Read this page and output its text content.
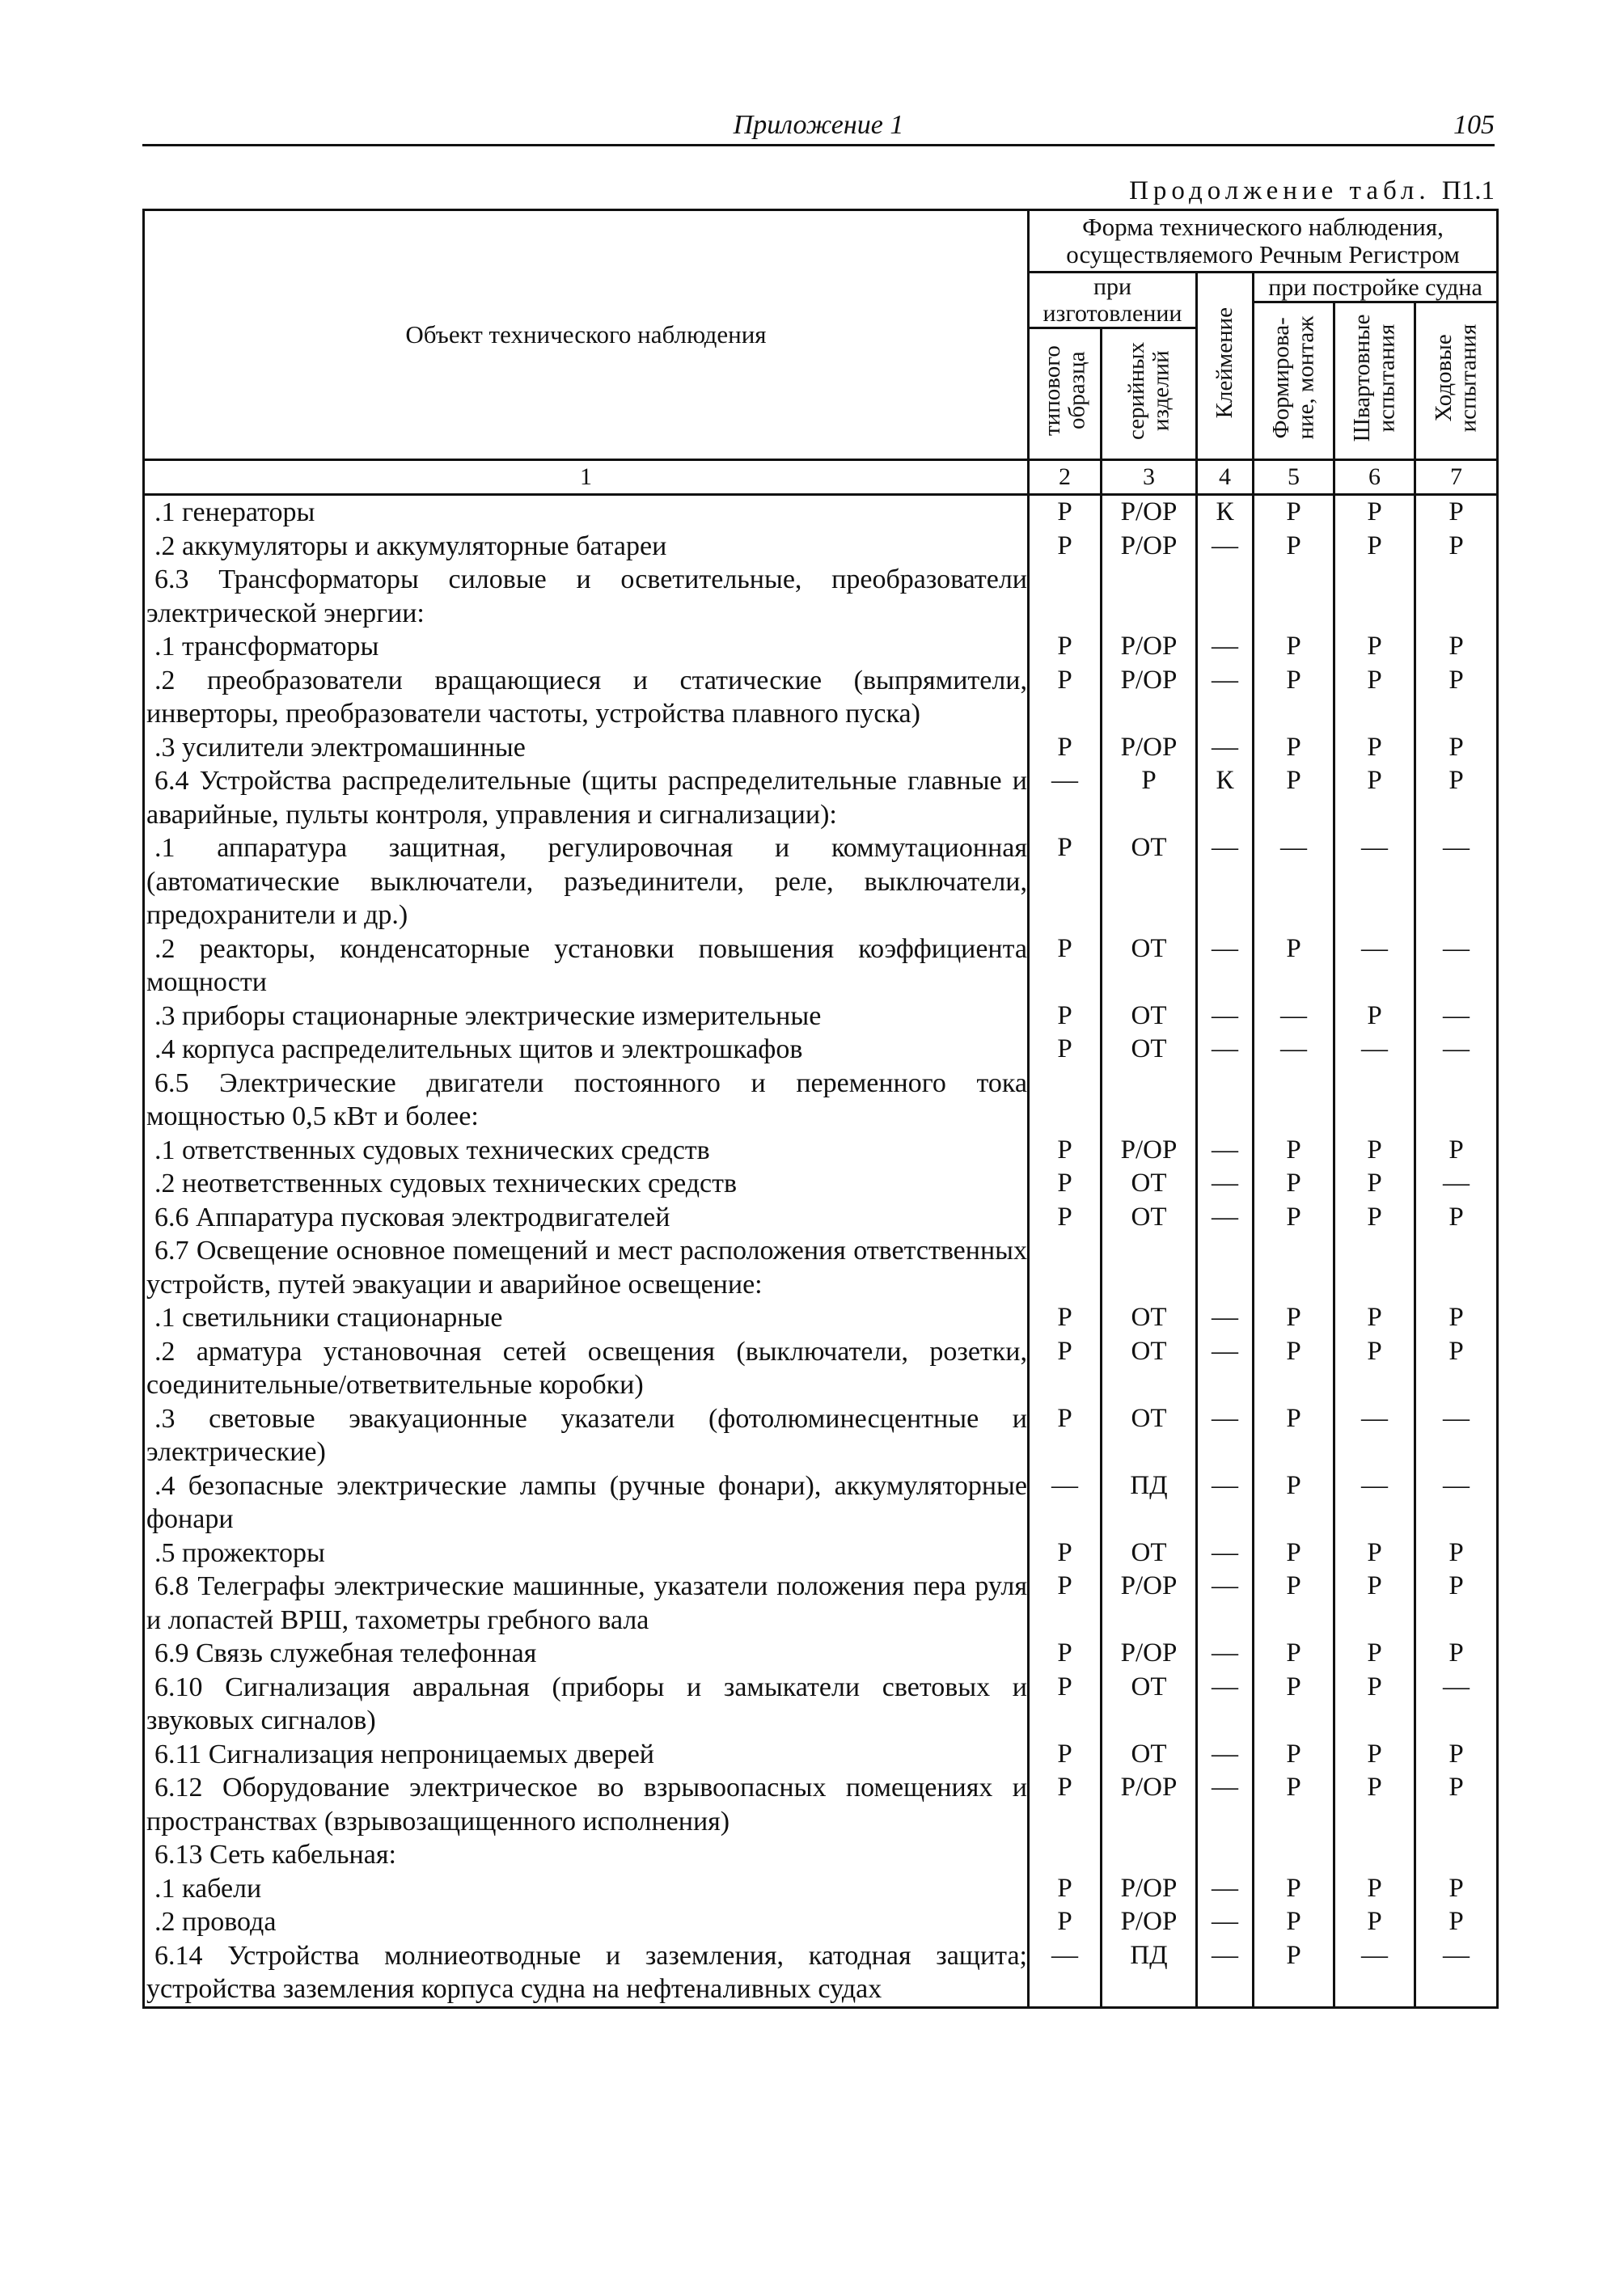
Приложение 1	105
Продолжение табл. П1.1
Объект технического наблюдения	Форма технического наблюдения, осуществляемого Речным Регистром					
	при изготовлении		Клеймение	при постройке судна		
				Формирова-ние, монтаж	Швартовные испытания	Ходовые испытания
	типового образца	серийных изделий				
1	2	3	4	5	6	7
.1 генераторы	Р	Р/ОР	К	Р	Р	Р
.2 аккумуляторы и аккумуляторные батареи	Р	Р/ОР	—	Р	Р	Р
6.3 Трансформаторы силовые и осветительные, преобразователи электрической энергии:						
.1 трансформаторы	Р	Р/ОР	—	Р	Р	Р
.2 преобразователи вращающиеся и статические (выпрямители, инверторы, преобразователи частоты, устройства плавного пуска)	Р	Р/ОР	—	Р	Р	Р
.3 усилители электромашинные	Р	Р/ОР	—	Р	Р	Р
6.4 Устройства распределительные (щиты распределительные главные и аварийные, пульты контроля, управления и сигнализации):	—	Р	К	Р	Р	Р
.1 аппаратура защитная, регулировочная и коммутационная (автоматические выключатели, разъединители, реле, выключатели, предохранители и др.)	Р	ОТ	—	—	—	—
.2 реакторы, конденсаторные установки повышения коэффициента мощности	Р	ОТ	—	Р	—	—
.3 приборы стационарные электрические измерительные	Р	ОТ	—	—	Р	—
.4 корпуса распределительных щитов и электрошкафов	Р	ОТ	—	—	—	—
6.5 Электрические двигатели постоянного и переменного тока мощностью 0,5 кВт и более:						
.1 ответственных судовых технических средств	Р	Р/ОР	—	Р	Р	Р
.2 неответственных судовых технических средств	Р	ОТ	—	Р	Р	—
6.6 Аппаратура пусковая электродвигателей	Р	ОТ	—	Р	Р	Р
6.7 Освещение основное помещений и мест расположения ответственных устройств, путей эвакуации и аварийное освещение:						
.1 светильники стационарные	Р	ОТ	—	Р	Р	Р
.2 арматура установочная сетей освещения (выключатели, розетки, соединительные/ответвительные коробки)	Р	ОТ	—	Р	Р	Р
.3 световые эвакуационные указатели (фотолюминесцентные и электрические)	Р	ОТ	—	Р	—	—
.4 безопасные электрические лампы (ручные фонари), аккумуляторные фонари	—	ПД	—	Р	—	—
.5 прожекторы	Р	ОТ	—	Р	Р	Р
6.8 Телеграфы электрические машинные, указатели положения пера руля и лопастей ВРШ, тахометры гребного вала	Р	Р/ОР	—	Р	Р	Р
6.9 Связь служебная телефонная	Р	Р/ОР	—	Р	Р	Р
6.10 Сигнализация авральная (приборы и замыкатели световых и звуковых сигналов)	Р	ОТ	—	Р	Р	—
6.11 Сигнализация непроницаемых дверей	Р	ОТ	—	Р	Р	Р
6.12 Оборудование электрическое во взрывоопасных помещениях и пространствах (взрывозащищенного исполнения)	Р	Р/ОР	—	Р	Р	Р
6.13 Сеть кабельная:						
.1 кабели	Р	Р/ОР	—	Р	Р	Р
.2 провода	Р	Р/ОР	—	Р	Р	Р
6.14 Устройства молниеотводные и заземления, катодная защита; устройства заземления корпуса судна на нефтеналивных судах	—	ПД	—	Р	—	—
